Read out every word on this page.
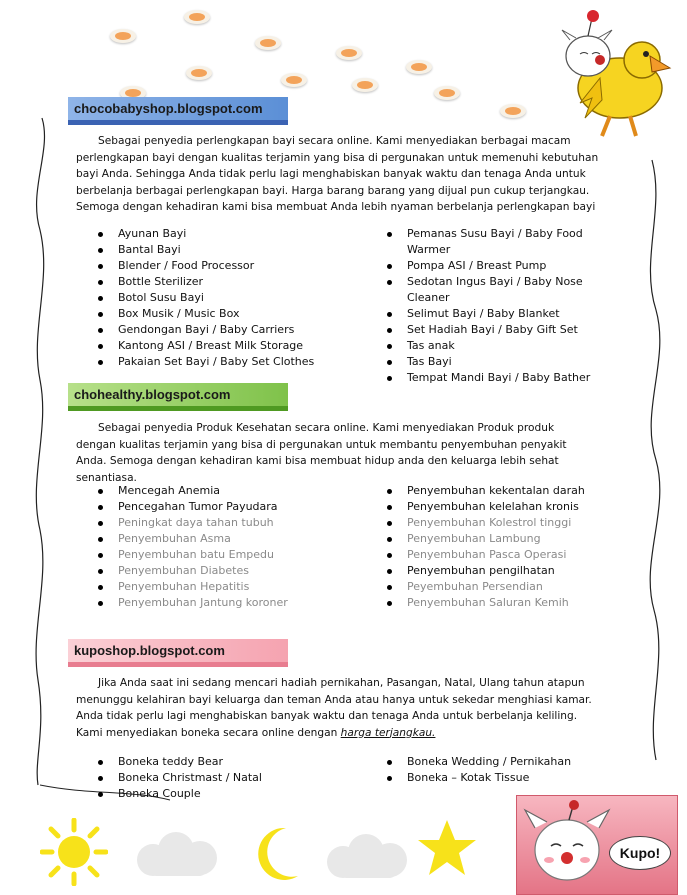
chocobabyshop.blogspot.com
Sebagai penyedia perlengkapan bayi secara online. Kami menyediakan berbagai macam perlengkapan bayi dengan kualitas terjamin yang bisa di pergunakan untuk memenuhi kebutuhan bayi Anda. Sehingga Anda tidak perlu lagi menghabiskan banyak waktu dan tenaga Anda untuk berbelanja berbagai perlengkapan bayi. Harga barang barang yang dijual pun cukup terjangkau. Semoga dengan kehadiran kami bisa membuat Anda lebih nyaman berbelanja perlengkapan bayi
Ayunan Bayi
Bantal Bayi
Blender / Food Processor
Bottle Sterilizer
Botol Susu Bayi
Box Musik / Music Box
Gendongan Bayi / Baby Carriers
Kantong ASI / Breast Milk Storage
Pakaian Set Bayi / Baby Set Clothes
Pemanas Susu Bayi / Baby Food Warmer
Pompa ASI / Breast Pump
Sedotan Ingus Bayi / Baby Nose Cleaner
Selimut Bayi / Baby Blanket
Set Hadiah Bayi / Baby Gift Set
Tas anak
Tas Bayi
Tempat Mandi Bayi / Baby Bather
chohealthy.blogspot.com
Sebagai penyedia Produk Kesehatan secara online. Kami menyediakan Produk produk dengan kualitas terjamin yang bisa di pergunakan untuk membantu penyembuhan penyakit Anda. Semoga dengan kehadiran kami bisa membuat hidup anda den keluarga lebih sehat senantiasa.
Mencegah Anemia
Pencegahan Tumor Payudara
Peningkat daya tahan tubuh
Penyembuhan Asma
Penyembuhan batu Empedu
Penyembuhan Diabetes
Penyembuhan Hepatitis
Penyembuhan Jantung koroner
Penyembuhan kekentalan darah
Penyembuhan kelelahan kronis
Penyembuhan Kolestrol tinggi
Penyembuhan Lambung
Penyembuhan Pasca Operasi
Penyembuhan pengilhatan
Peyembuhan Persendian
Penyembuhan Saluran Kemih
kuposhop.blogspot.com
Jika Anda saat ini sedang mencari hadiah pernikahan, Pasangan, Natal, Ulang tahun atapun menunggu kelahiran bayi keluarga dan teman Anda atau hanya untuk sekedar menghiasi kamar. Anda tidak perlu lagi menghabiskan banyak waktu dan tenaga Anda untuk berbelanja keliling. Kami menyediakan boneka secara online dengan harga terjangkau.
Boneka teddy Bear
Boneka Christmast / Natal
Boneka Couple
Boneka Wedding / Pernikahan
Boneka – Kotak Tissue
Kupo!
